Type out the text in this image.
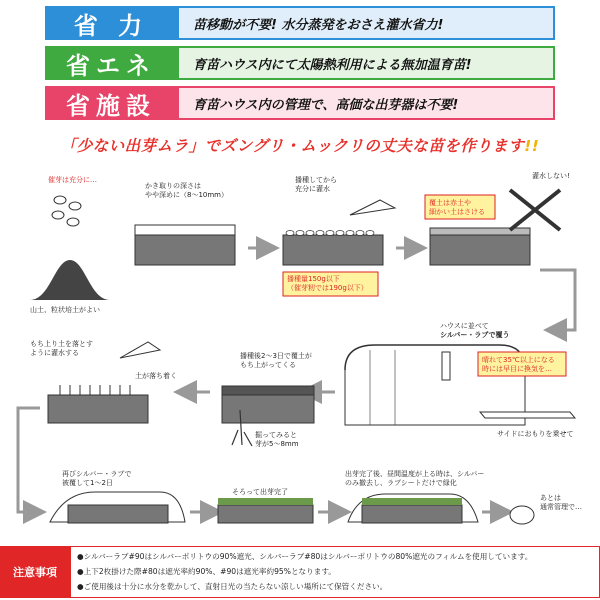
省 力	苗移動が不要! 水分蒸発をおさえ灌水省力!
省エネ	育苗ハウス内にて太陽熱利用による無加温育苗!
省施設	育苗ハウス内の管理で、高価な出芽器は不要!
「少ない出芽ムラ」でズングリ・ムックリの丈夫な苗を作ります!!
催芽は充分に…
山土、粒状培土がよい
かき取りの深さはやや深めに（8～10mm）
播種してから充分に灌水
播種量150g以下（催芽籾では190g以下）
覆土は赤土や細かい土はさける
灌水しない!
ハウスに並べてシルバー・ラブで覆う
晴れて35℃以上になる時には早目に換気を…
サイドにおもりを乗せて
播種後2～3日で覆土がもち上がってくる
掘ってみると芽が5～8mm
もち上り土を落とすように灌水する
土が落ち着く
再びシルバー・ラブで被覆して1～2日
そろって出芽完了
出芽完了後、昼間温度が上る時は、シルバーのみ撤去し、ラブシートだけで緑化
あとは通常管理で…
注意事項
●シルバーラブ#90はシルバーポリトウの90%遮光、シルバーラブ#80はシルバーポリトウの80%遮光のフィルムを使用しています。
●上下2枚掛けた際#80は遮光率約90%、#90は遮光率約95%となります。
●ご使用後は十分に水分を乾かして、直射日光の当たらない涼しい場所にて保管ください。
